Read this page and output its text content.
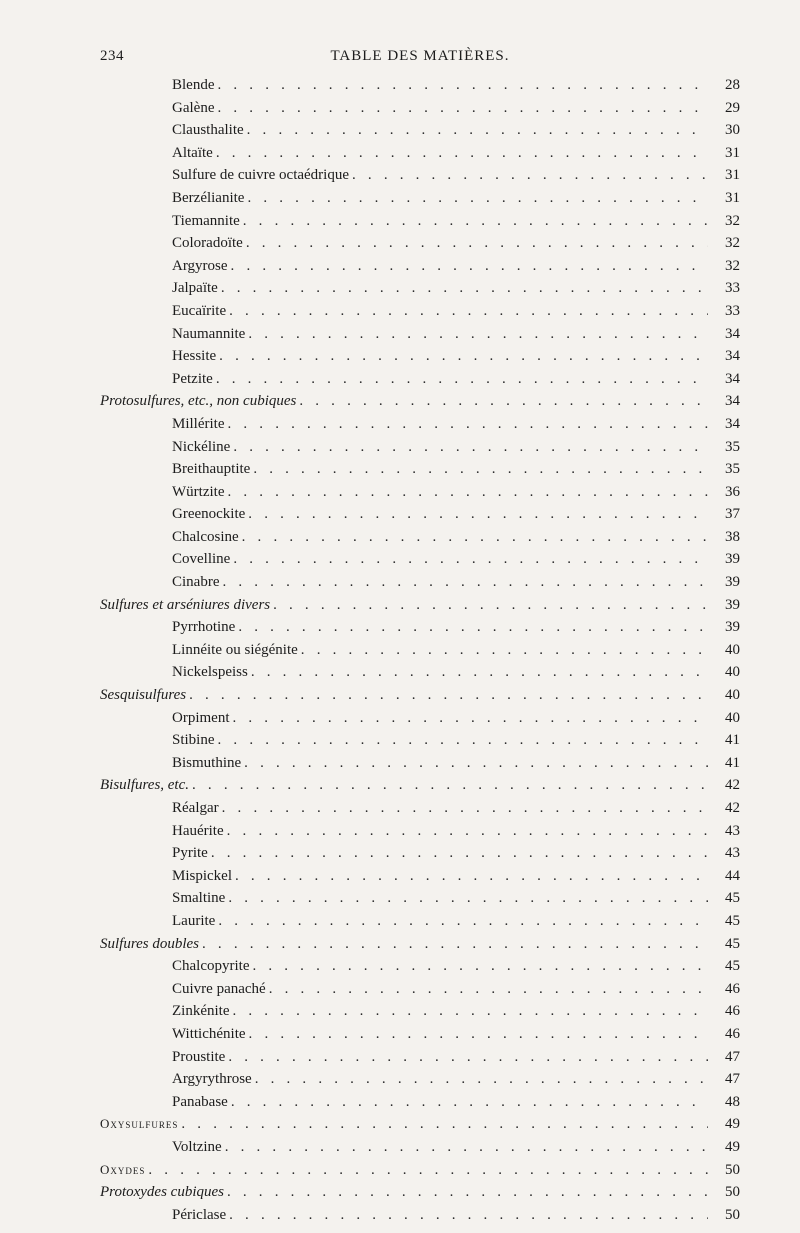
234	TABLE DES MATIÈRES.
Blende . . .	28
Galène . . .	29
Clausthalite . . .	30
Altaïte . . .	31
Sulfure de cuivre octaédrique . . .	31
Berzélianite . . .	31
Tiemannite . . .	32
Coloradoïte . . .	32
Argyrose . . .	32
Jalpaïte . . .	33
Eucaïrite . . .	33
Naumannite . . .	34
Hessite . . .	34
Petzite . . .	34
Protosulfures, etc., non cubiques . . .	34
Millérite . . .	34
Nickéline . . .	35
Breithauptite . . .	35
Würtzite . . .	36
Greenockite . . .	37
Chalcosine . . .	38
Covelline . . .	39
Cinabre . . .	39
Sulfures et arséniures divers . . .	39
Pyrrhotine . . .	39
Linnéite ou siégénite . . .	40
Nickelspeiss . . .	40
Sesquisulfures . . .	40
Orpiment . . .	40
Stibine . . .	41
Bismuthine . . .	41
Bisulfures, etc. . . .	42
Réalgar . . .	42
Hauérite . . .	43
Pyrite . . .	43
Mispickel . . .	44
Smaltine . . .	45
Laurite . . .	45
Sulfures doubles . . .	45
Chalcopyrite . . .	45
Cuivre panaché . . .	46
Zinkénite . . .	46
Wittichénite . . .	46
Proustite . . .	47
Argyrythrose . . .	47
Panabase . . .	48
Oxysulfures . . .	49
Voltzine . . .	49
Oxydes . . .	50
Protoxydes cubiques . . .	50
Périclase . . .	50
